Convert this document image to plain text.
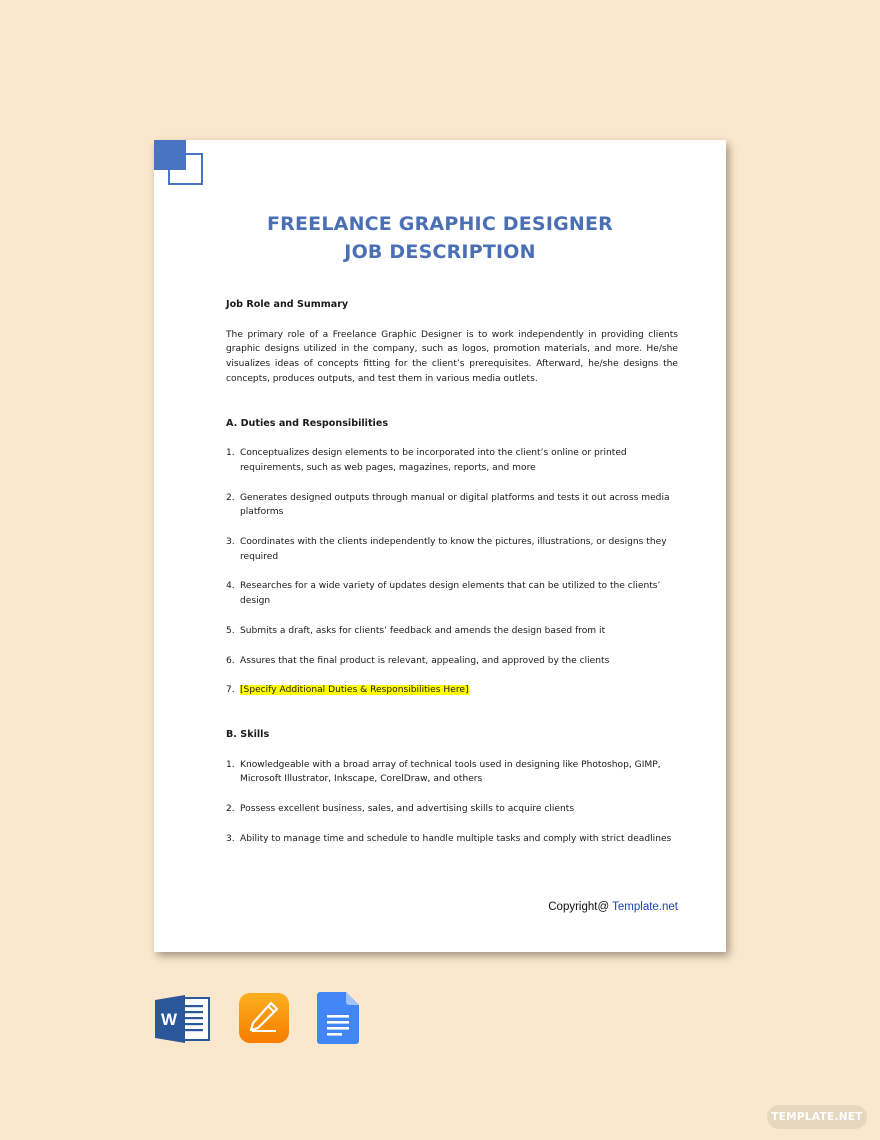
FREELANCE GRAPHIC DESIGNER
JOB DESCRIPTION
Job Role and Summary
The primary role of a Freelance Graphic Designer is to work independently in providing clients graphic designs utilized in the company, such as logos, promotion materials, and more. He/she visualizes ideas of concepts fitting for the client’s prerequisites. Afterward, he/she designs the concepts, produces outputs, and test them in various media outlets.
A. Duties and Responsibilities
1. Conceptualizes design elements to be incorporated into the client’s online or printed requirements, such as web pages, magazines, reports, and more
2. Generates designed outputs through manual or digital platforms and tests it out across media platforms
3. Coordinates with the clients independently to know the pictures, illustrations, or designs they required
4. Researches for a wide variety of updates design elements that can be utilized to the clients’ design
5. Submits a draft, asks for clients’ feedback and amends the design based from it
6. Assures that the final product is relevant, appealing, and approved by the clients
7. [Specify Additional Duties & Responsibilities Here]
B. Skills
1. Knowledgeable with a broad array of technical tools used in designing like Photoshop, GIMP, Microsoft Illustrator, Inkscape, CorelDraw, and others
2. Possess excellent business, sales, and advertising skills to acquire clients
3. Ability to manage time and schedule to handle multiple tasks and comply with strict deadlines
Copyright@ Template.net
W
TEMPLATE.NET
